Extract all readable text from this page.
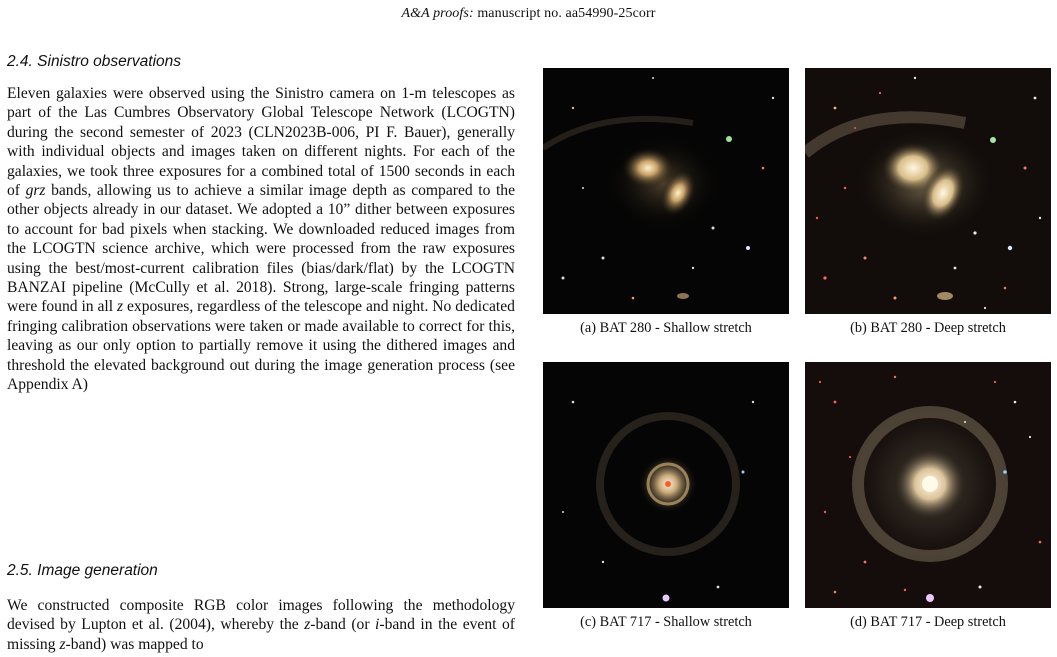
A&A proofs: manuscript no. aa54990-25corr
2.4. Sinistro observations

Eleven galaxies were observed using the Sinistro camera on 1-m telescopes as part of the Las Cumbres Observatory Global Telescope Network (LCOGTN) during the second semester of 2023 (CLN2023B-006, PI F. Bauer), generally with individual objects and images taken on different nights. For each of the galaxies, we took three exposures for a combined total of 1500 seconds in each of grz bands, allowing us to achieve a similar image depth as compared to the other objects already in our dataset. We adopted a 10” dither between exposures to account for bad pixels when stacking. We downloaded reduced images from the LCOGTN science archive, which were processed from the raw exposures using the best/most-current calibration files (bias/dark/flat) by the LCOGTN BANZAI pipeline (McCully et al. 2018). Strong, large-scale fringing patterns were found in all z exposures, regardless of the telescope and night. No dedicated fringing calibration observations were taken or made available to correct for this, leaving as our only option to partially remove it using the dithered images and threshold the elevated background out during the image generation process (see Appendix A)

2.5. Image generation

We constructed composite RGB color images following the methodology devised by Lupton et al. (2004), whereby the z-band (or i-band in the event of missing z-band) was mapped to

(a) BAT 280 - Shallow stretch	(b) BAT 280 - Deep stretch
(c) BAT 717 - Shallow stretch	(d) BAT 717 - Deep stretch
